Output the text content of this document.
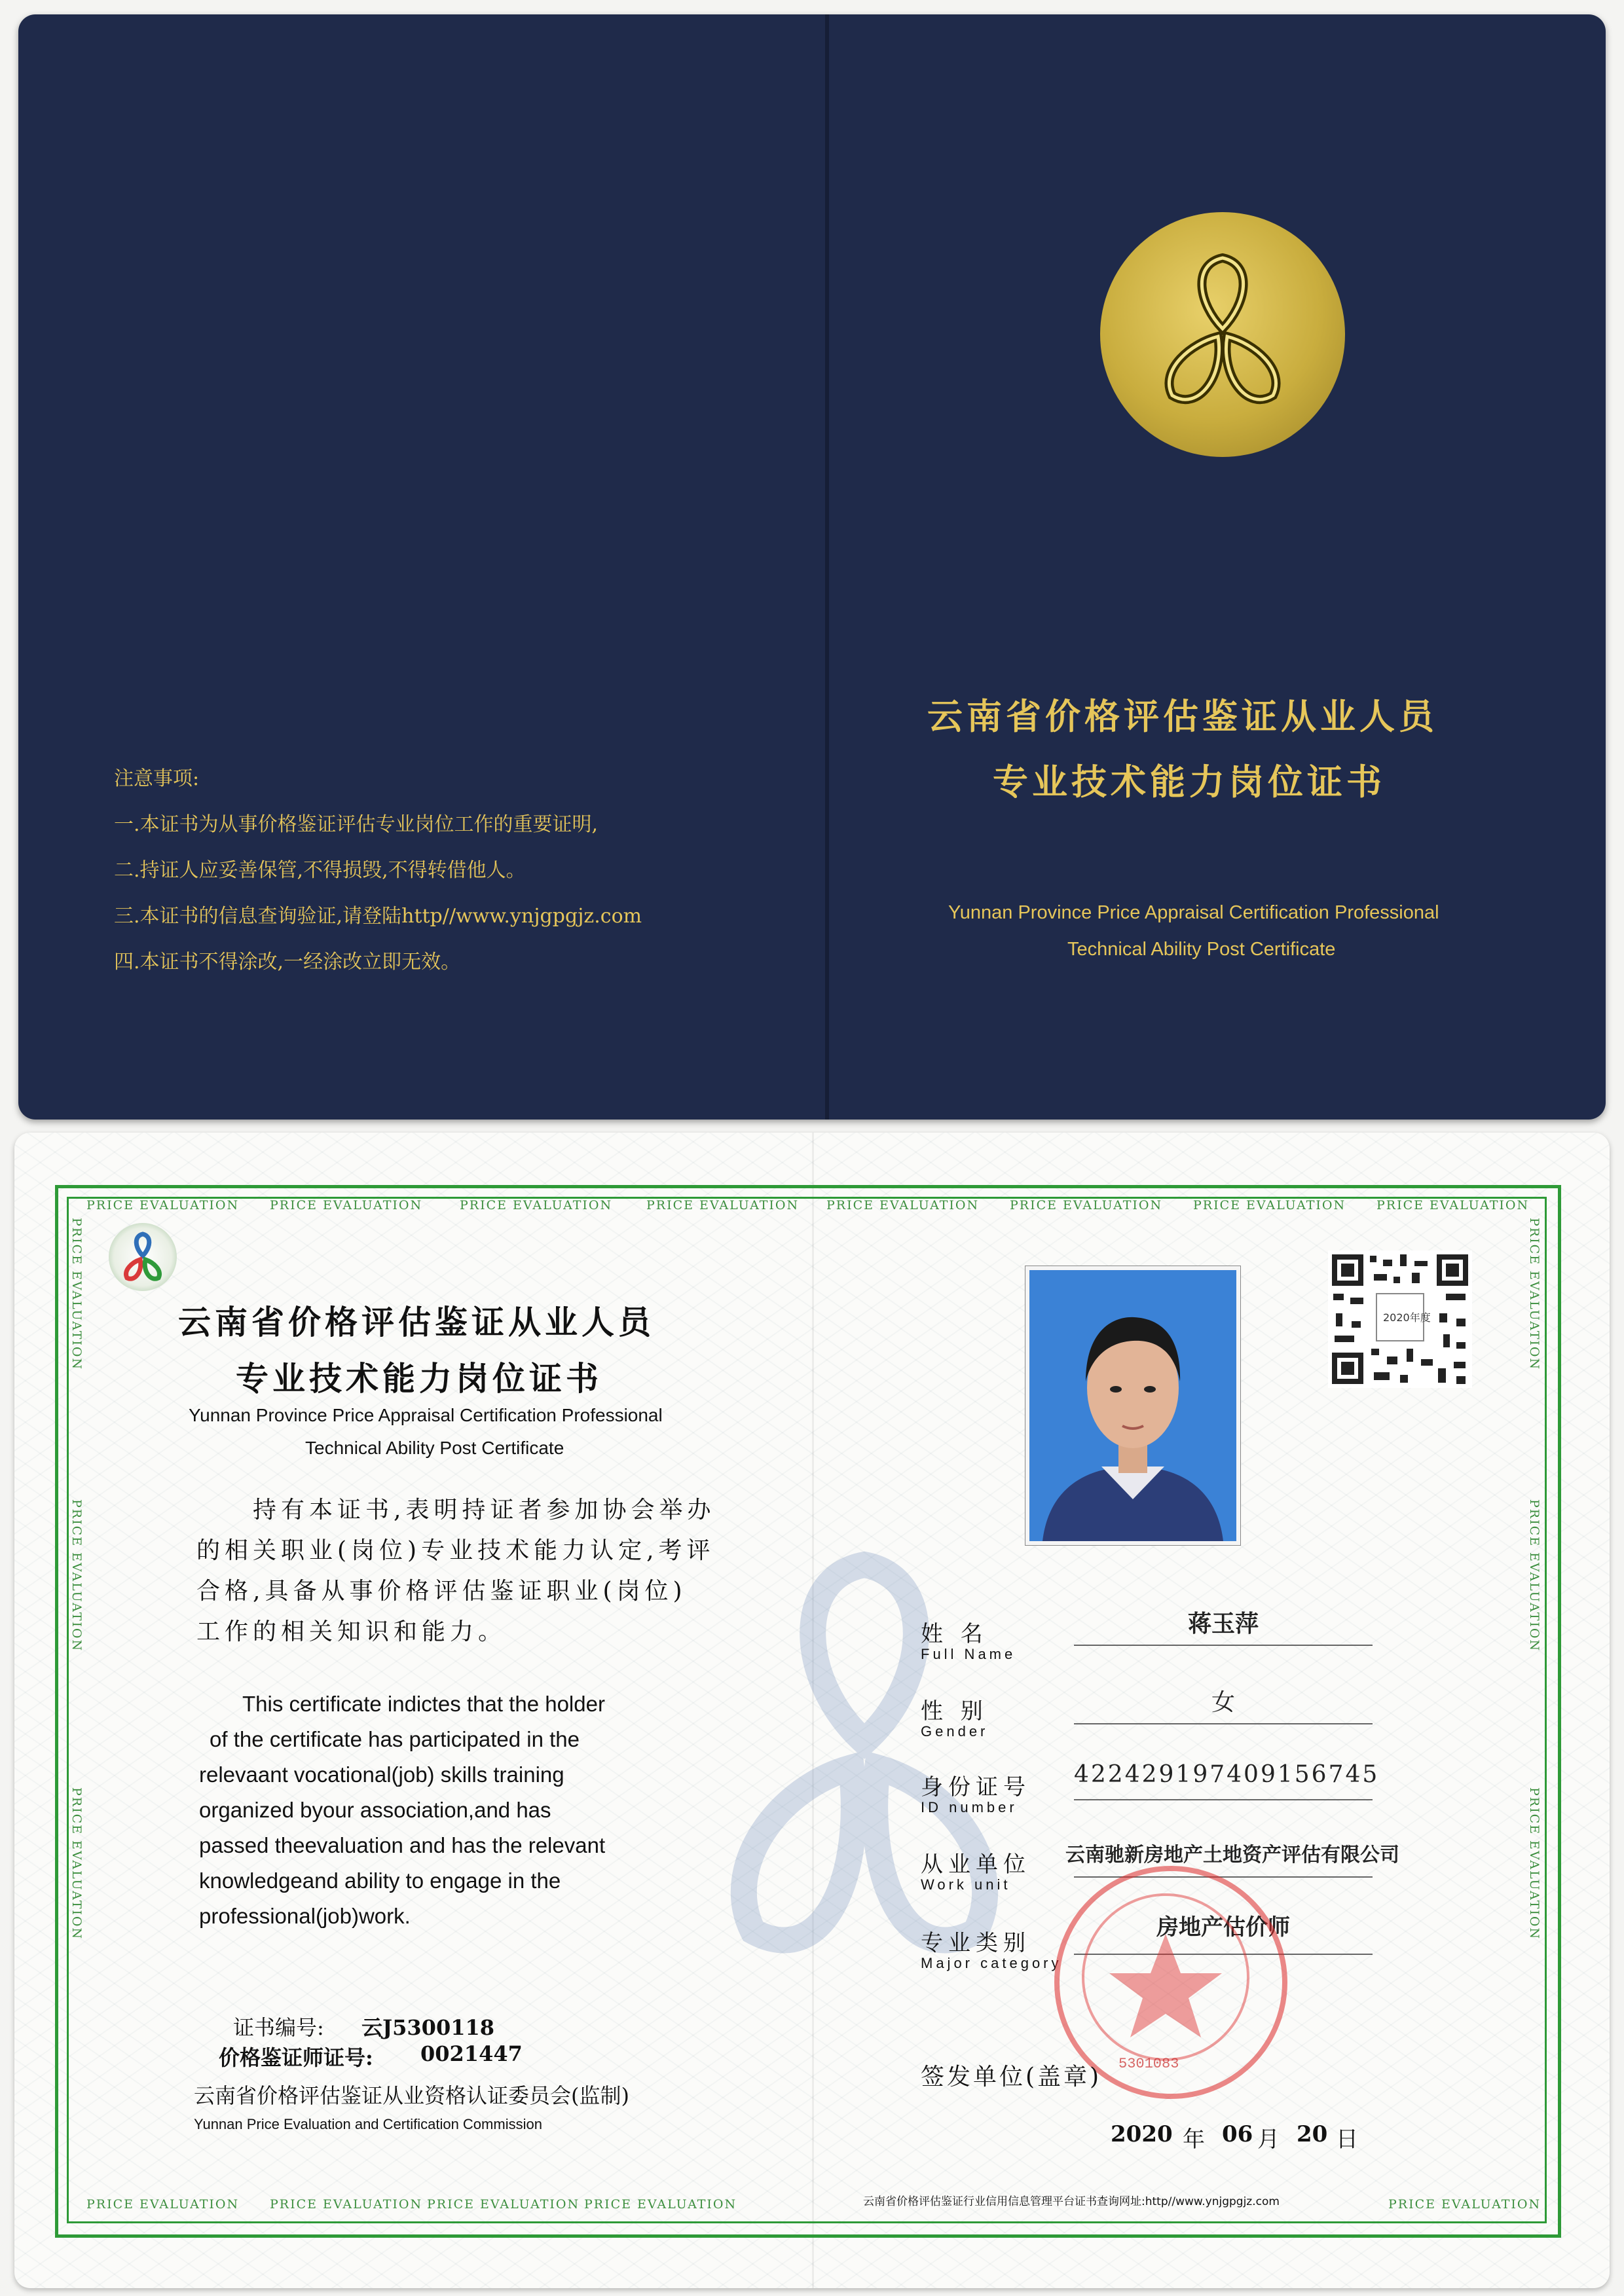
注意事项:
一.本证书为从事价格鉴证评估专业岗位工作的重要证明,
二.持证人应妥善保管,不得损毁,不得转借他人。
三.本证书的信息查询验证,请登陆http//www.ynjgpgjz.com
四.本证书不得涂改,一经涂改立即无效。
云南省价格评估鉴证从业人员
专业技术能力岗位证书
Yunnan Province Price Appraisal Certification Professional
Technical Ability Post Certificate
PRICE EVALUATION PRICE EVALUATION	PRICE EVALUATION	PRICE EVALUATION PRICE EVALUATION PRICE EVALUATION PRICE EVALUATION PRICE EVALUATION
PRICE EVALUATION PRICE EVALUATION PRICE EVALUATION PRICE EVALUATION	PRICE EVALUATION
PRICE EVALUATION
PRICE EVALUATION
PRICE EVALUATION
PRICE EVALUATION
PRICE EVALUATION
PRICE EVALUATION
云南省价格评估鉴证从业人员
专业技术能力岗位证书
Yunnan Province Price Appraisal Certification Professional
Technical Ability Post Certificate
持有本证书,表明持证者参加协会举办
的相关职业(岗位)专业技术能力认定,考评
合格,具备从事价格评估鉴证职业(岗位)
工作的相关知识和能力。
This certificate indictes that the holder
of the certificate has participated in the
relevaant vocational(job) skills training
organized byour association,and has
passed theevaluation and has the relevant
knowledgeand ability to engage in the
professional(job)work.
证书编号: 云J5300118
价格鉴证师证号: 0021447
云南省价格评估鉴证从业资格认证委员会(监制)
Yunnan Price Evaluation and Certification Commission
2020年度
姓 名
Full Name
蒋玉萍
性 别
Gender
女
身份证号
ID number
422429197409156745
从业单位
Work unit
云南驰新房地产土地资产评估有限公司
专业类别
Major category
房地产估价师
5301083
签发单位(盖章)
2020 年 06 月 20 日
云南省价格评估鉴证行业信用信息管理平台证书查询网址:http//www.ynjgpgjz.com
